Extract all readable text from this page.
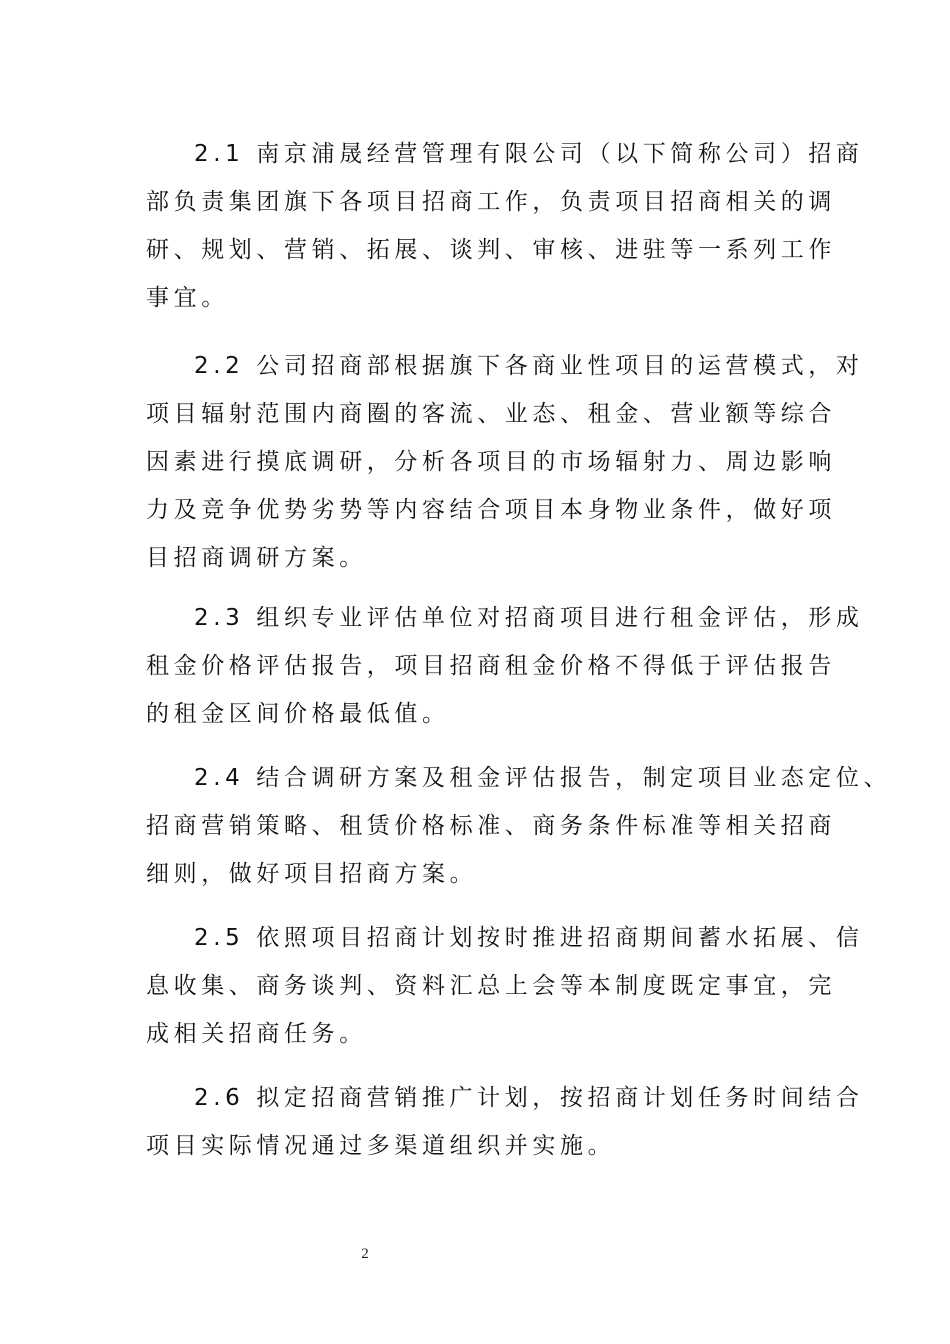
2.1 南京浦晟经营管理有限公司（以下简称公司）招商
部负责集团旗下各项目招商工作，负责项目招商相关的调
研、规划、营销、拓展、谈判、审核、进驻等一系列工作
事宜。
2.2 公司招商部根据旗下各商业性项目的运营模式，对
项目辐射范围内商圈的客流、业态、租金、营业额等综合
因素进行摸底调研，分析各项目的市场辐射力、周边影响
力及竞争优势劣势等内容结合项目本身物业条件，做好项
目招商调研方案。
2.3 组织专业评估单位对招商项目进行租金评估，形成
租金价格评估报告，项目招商租金价格不得低于评估报告
的租金区间价格最低值。
2.4 结合调研方案及租金评估报告，制定项目业态定位、
招商营销策略、租赁价格标准、商务条件标准等相关招商
细则，做好项目招商方案。
2.5 依照项目招商计划按时推进招商期间蓄水拓展、信
息收集、商务谈判、资料汇总上会等本制度既定事宜，完
成相关招商任务。
2.6 拟定招商营销推广计划，按招商计划任务时间结合
项目实际情况通过多渠道组织并实施。
2
